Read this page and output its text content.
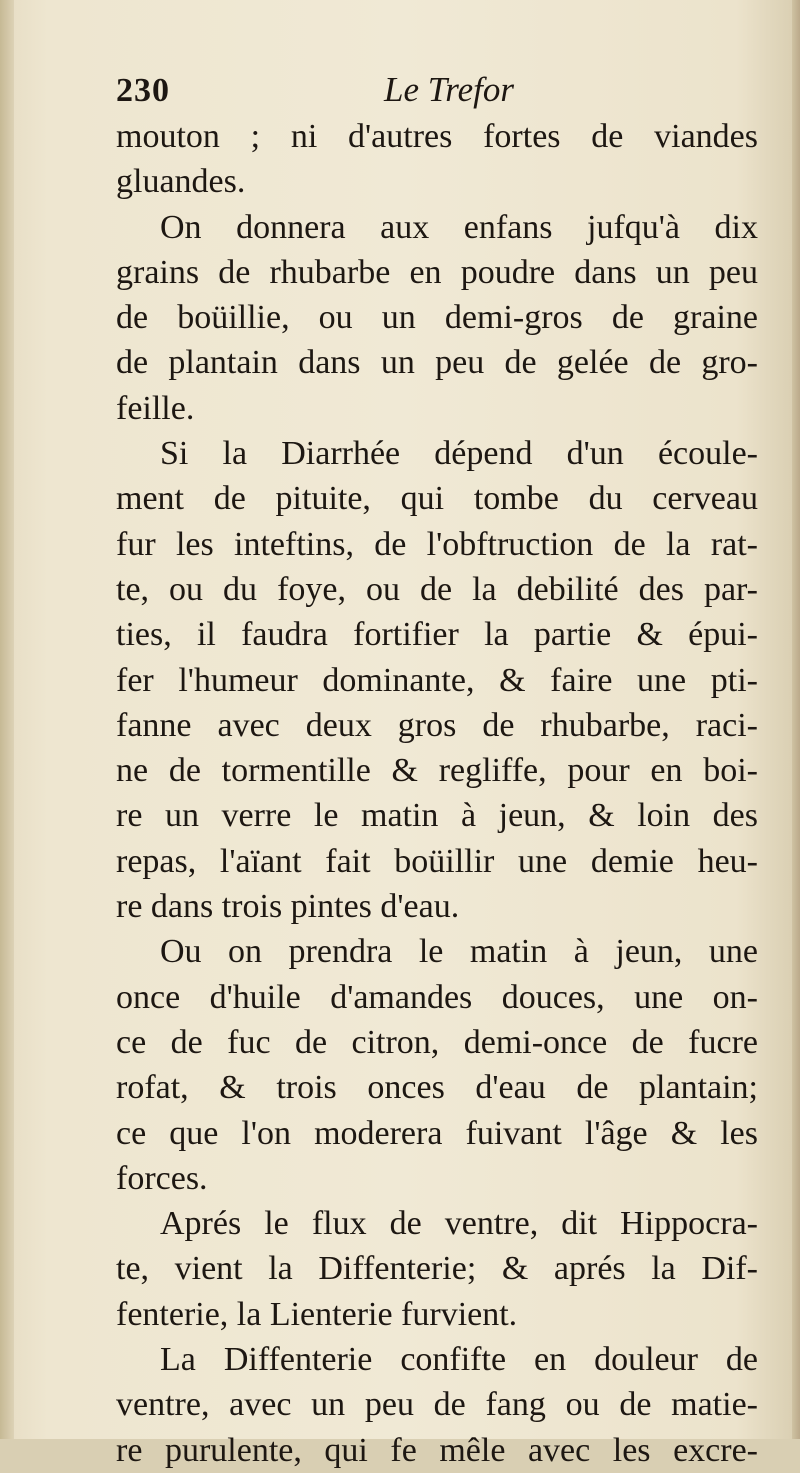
230	Le Trefor
mouton ; ni d'autres fortes de viandes
gluandes.
On donnera aux enfans jufqu'à dix
grains de rhubarbe en poudre dans un peu
de boüillie, ou un demi-gros de graine
de plantain dans un peu de gelée de gro-
feille.
Si la Diarrhée dépend d'un écoule-
ment de pituite, qui tombe du cerveau
fur les inteftins, de l'obftruction de la rat-
te, ou du foye, ou de la debilité des par-
ties, il faudra fortifier la partie & épui-
fer l'humeur dominante, & faire une pti-
fanne avec deux gros de rhubarbe, raci-
ne de tormentille & regliffe, pour en boi-
re un verre le matin à jeun, & loin des
repas, l'aïant fait boüillir une demie heu-
re dans trois pintes d'eau.
Ou on prendra le matin à jeun, une
once d'huile d'amandes douces, une on-
ce de fuc de citron, demi-once de fucre
rofat, & trois onces d'eau de plantain;
ce que l'on moderera fuivant l'âge & les
forces.
Aprés le flux de ventre, dit Hippocra-
te, vient la Diffenterie; & aprés la Dif-
fenterie, la Lienterie furvient.
La Diffenterie confifte en douleur de
ventre, avec un peu de fang ou de matie-
re purulente, qui fe mêle avec les excre-
